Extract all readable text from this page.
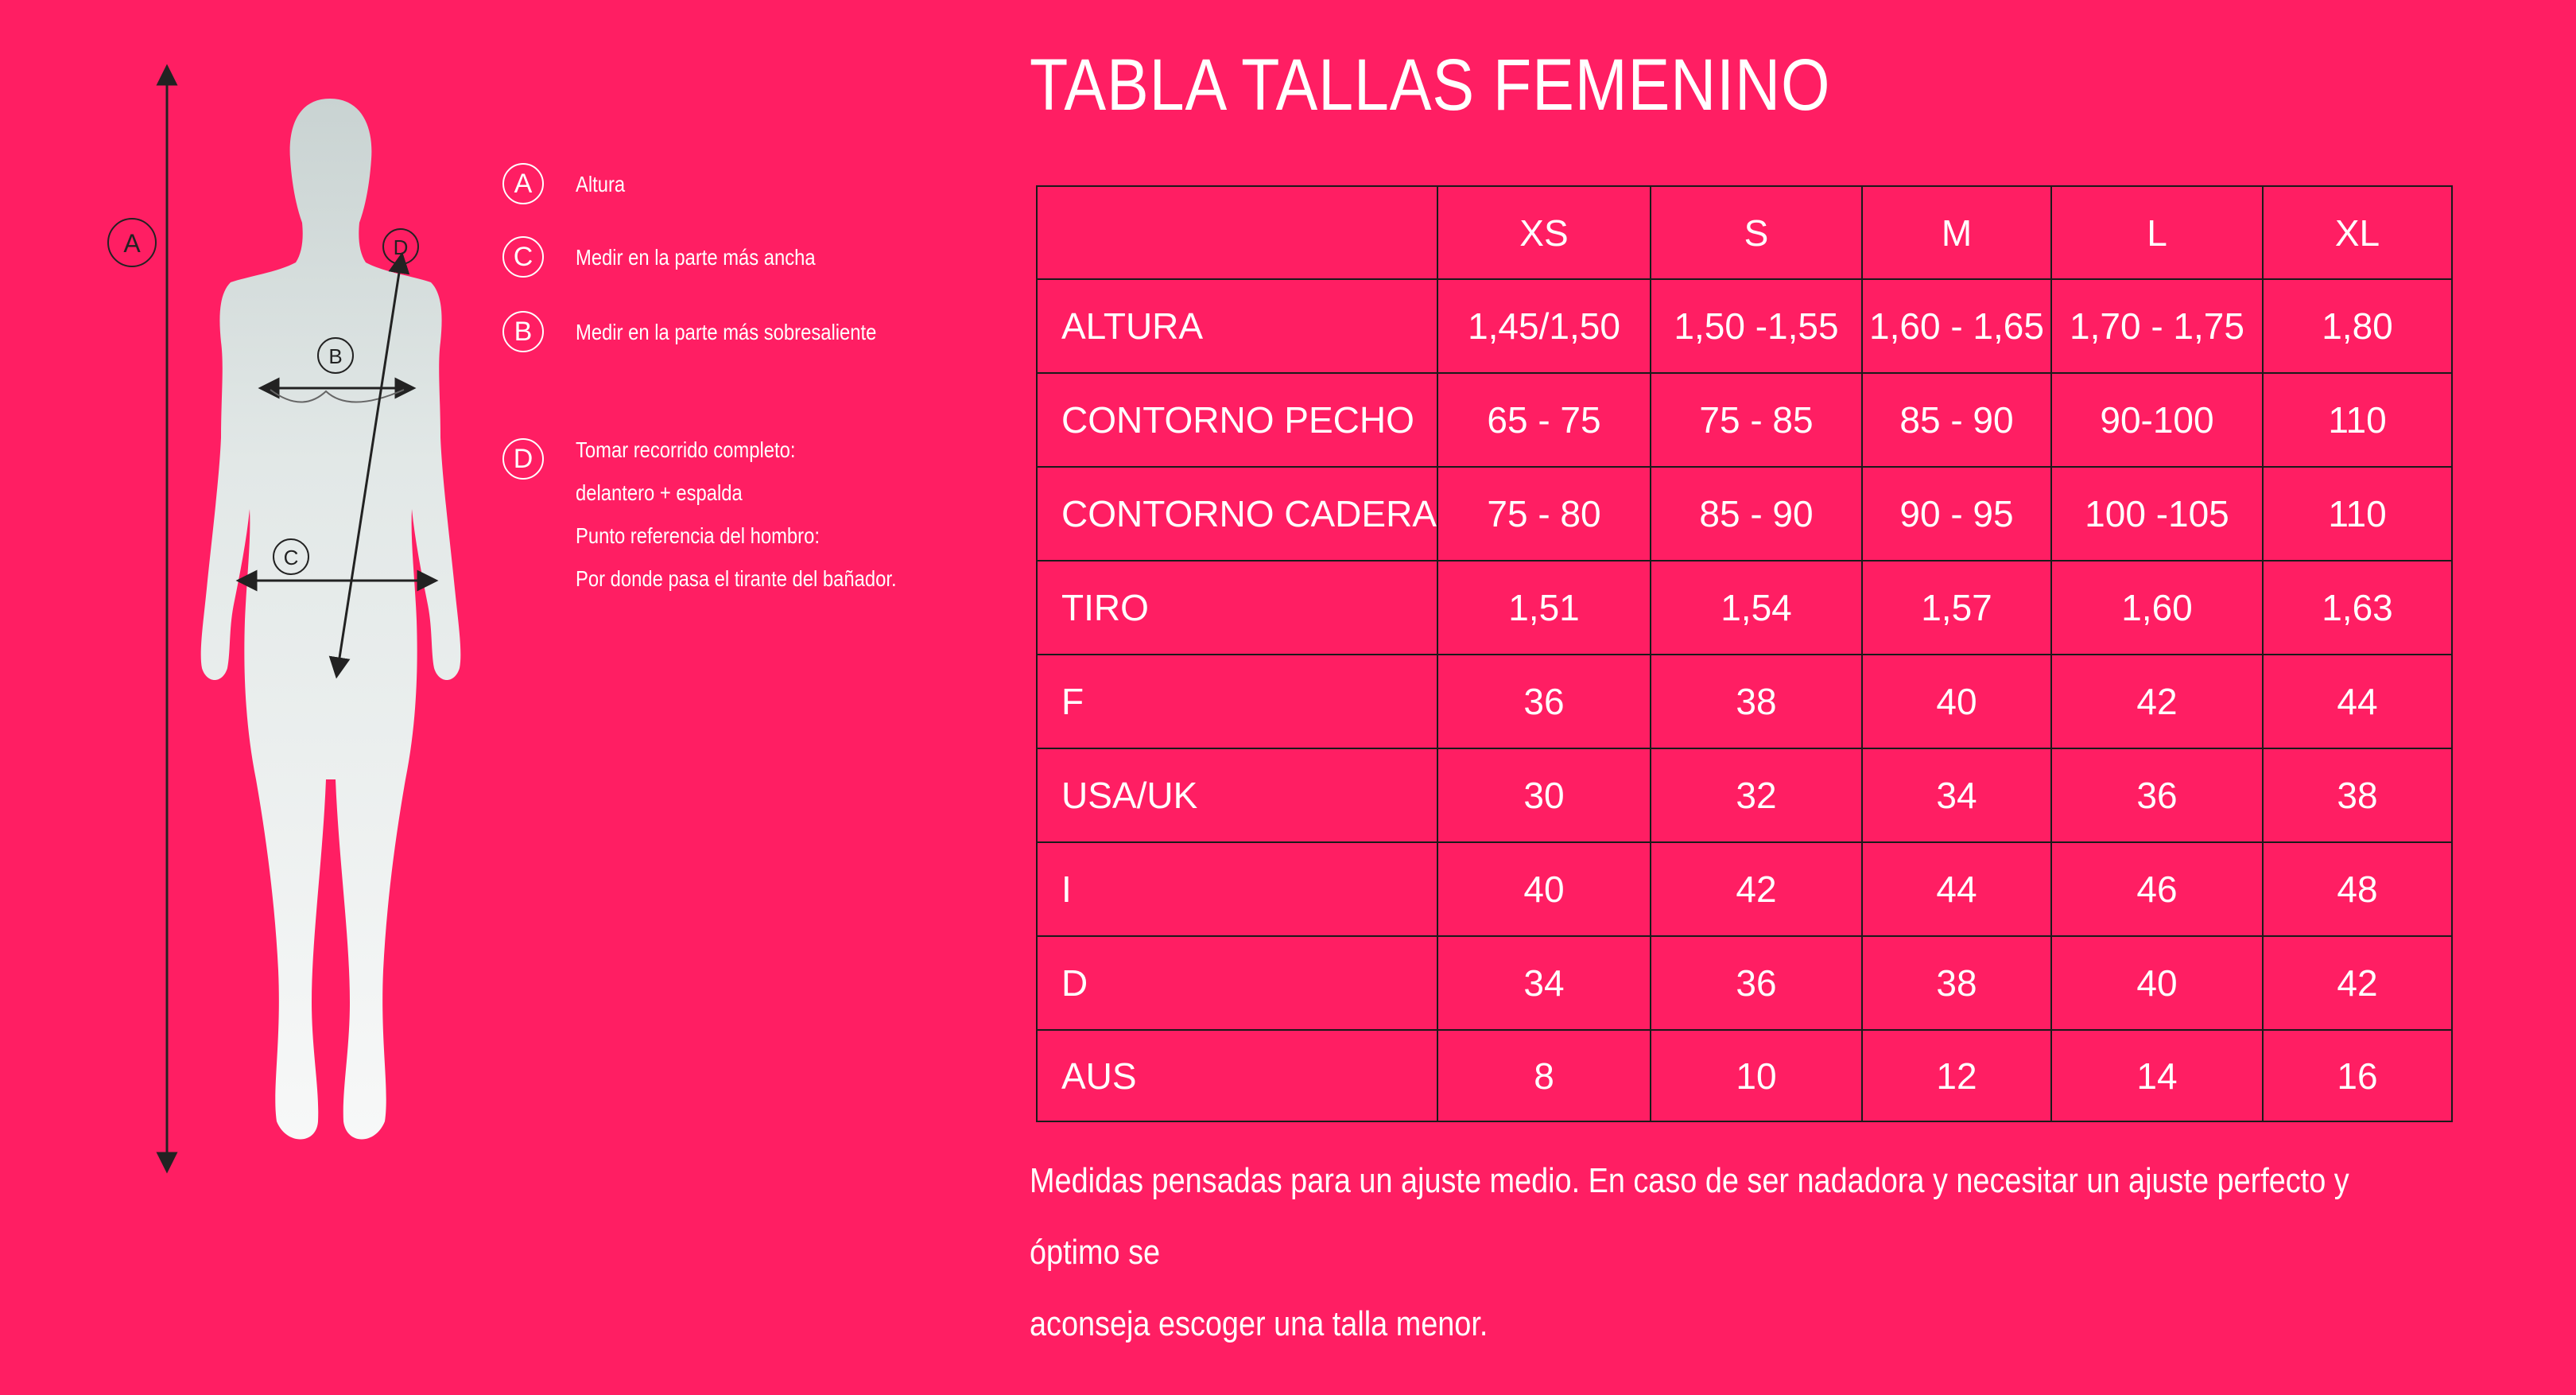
TABLA TALLAS FEMENINO
A
B
C
D
A	Altura
C	Medir en la parte más ancha
B	Medir en la parte más sobresaliente
D	Tomar recorrido completo:
delantero + espalda
Punto referencia del hombro:
Por donde pasa el tirante del bañador.
	XS	S	M	L	XL
ALTURA	1,45/1,50	1,50 -1,55	1,60 - 1,65	1,70 - 1,75	1,80
CONTORNO PECHO	65 - 75	75 - 85	85 - 90	90-100	110
CONTORNO CADERA	75 - 80	85 - 90	90 - 95	100 -105	110
TIRO	1,51	1,54	1,57	1,60	1,63
F	36	38	40	42	44
USA/UK	30	32	34	36	38
I	40	42	44	46	48
D	34	36	38	40	42
AUS	8	10	12	14	16

Medidas pensadas para un ajuste medio. En caso de ser nadadora y necesitar un ajuste perfecto y óptimo se
aconseja escoger una talla menor.
